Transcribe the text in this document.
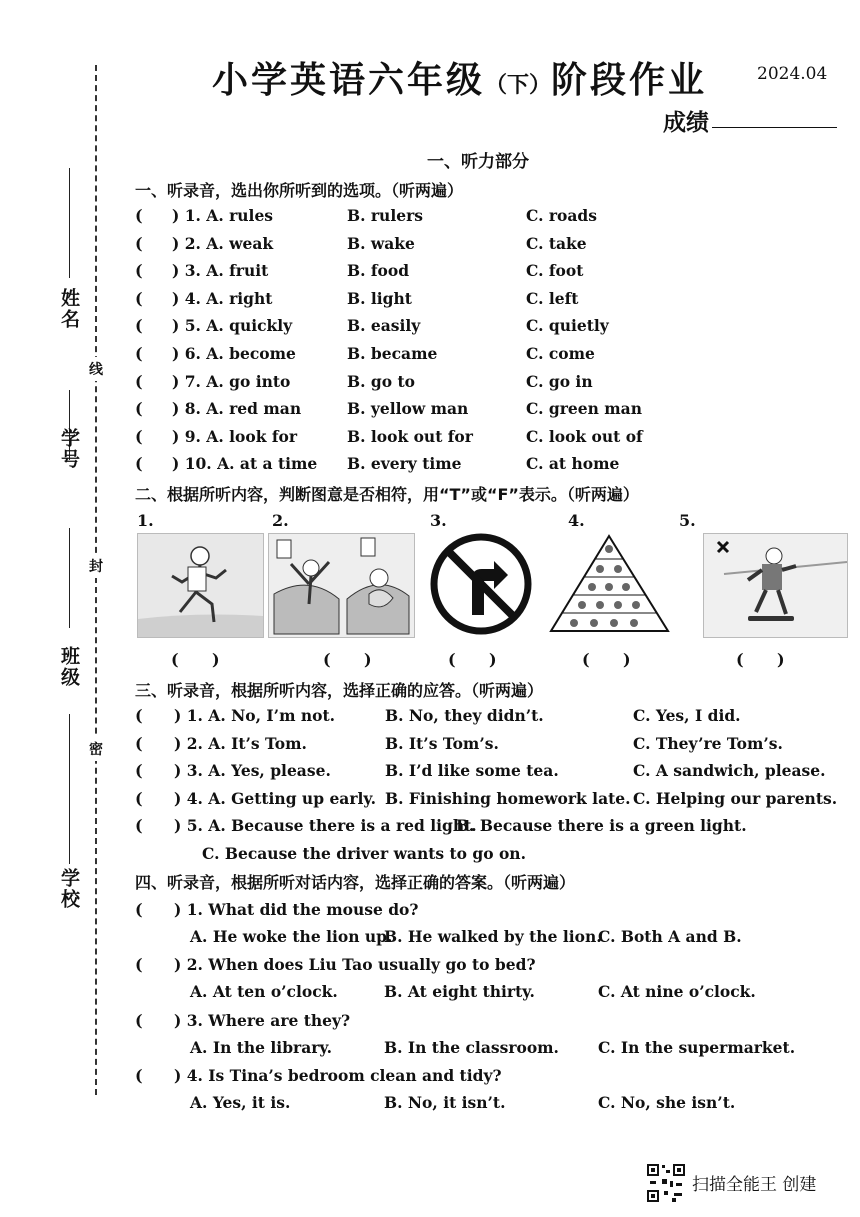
姓名
学号
班级
学校
线
封
密
小学英语六年级（下）阶段作业	2024.04
成绩
一、听力部分
一、听录音，选出你所听到的选项。（听两遍）
( ) 1. A. rules	B. rulers	C. roads
( ) 2. A. weak	B. wake	C. take
( ) 3. A. fruit	B. food	C. foot
( ) 4. A. right	B. light	C. left
( ) 5. A. quickly	B. easily	C. quietly
( ) 6. A. become	B. became	C. come
( ) 7. A. go into	B. go to	C. go in
( ) 8. A. red man	B. yellow man	C. green man
( ) 9. A. look for	B. look out for	C. look out of
( ) 10. A. at a time B. every time	C. at home
二、根据所听内容，判断图意是否相符，用“T”或“F”表示。（听两遍）
1.	2.	3.	4.	5.
(      )	(      )	(      )	(      )	(      )
三、听录音，根据所听内容，选择正确的应答。（听两遍）
( ) 1. A. No, I’m not.	B. No, they didn’t.	C. Yes, I did.
( ) 2. A. It’s Tom.	B. It’s Tom’s.	C. They’re Tom’s.
( ) 3. A. Yes, please.	B. I’d like some tea.	C. A sandwich, please.
( ) 4. A. Getting up early. B. Finishing homework late. C. Helping our parents.
( ) 5. A. Because there is a red light.
B. Because there is a green light.
C. Because the driver wants to go on.
四、听录音，根据所听对话内容，选择正确的答案。（听两遍）
( ) 1. What did the mouse do?
A. He woke the lion up.
B. He walked by the lion.
C. Both A and B.
( ) 2. When does Liu Tao usually go to bed?
A. At ten o’clock.	B. At eight thirty.	C. At nine o’clock.
( ) 3. Where are they?
A. In the library.	B. In the classroom.	C. In the supermarket.
( ) 4. Is Tina’s bedroom clean and tidy?
A. Yes, it is.	B. No, it isn’t.	C. No, she isn’t.
扫描全能王 创建
